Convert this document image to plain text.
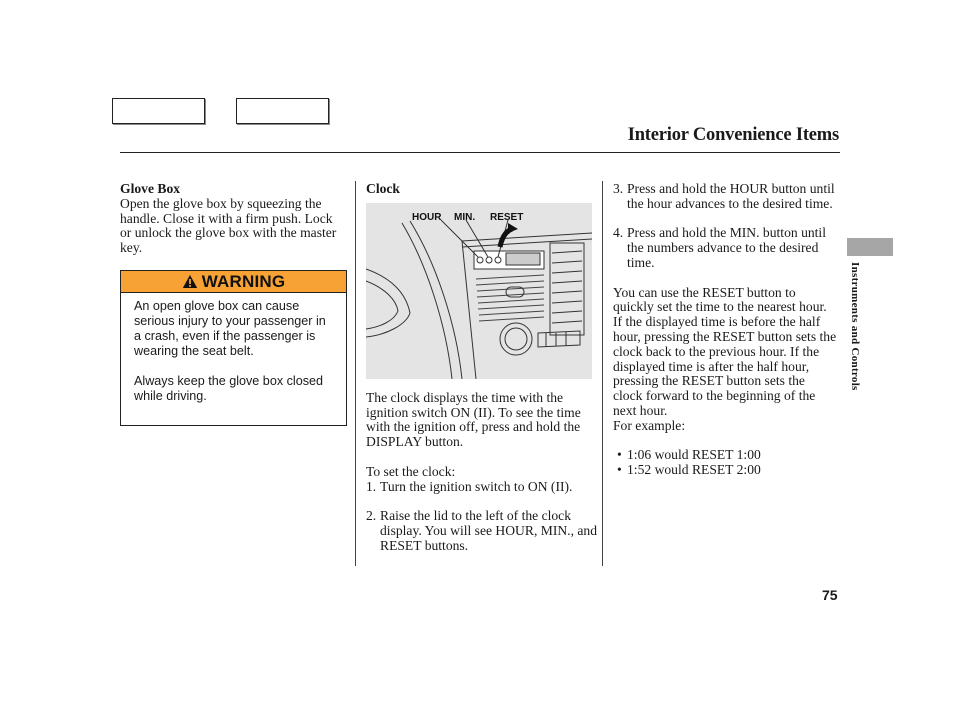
Interior Convenience Items
Glove Box

Open the glove box by squeezing the handle. Close it with a firm push. Lock or unlock the glove box with the master key.

WARNING

An open glove box can cause serious injury to your passenger in a crash, even if the passenger is wearing the seat belt.

Always keep the glove box closed while driving.

Clock
HOUR MIN. RESET

The clock displays the time with the ignition switch ON (II). To see the time with the ignition off, press and hold the DISPLAY button.

To set the clock:

1. Turn the ignition switch to ON (II).
2. Raise the lid to the left of the clock display. You will see HOUR, MIN., and RESET buttons.
3. Press and hold the HOUR button until the hour advances to the desired time.
4. Press and hold the MIN. button until the numbers advance to the desired time.

You can use the RESET button to quickly set the time to the nearest hour. If the displayed time is before the half hour, pressing the RESET button sets the clock back to the previous hour. If the displayed time is after the half hour, pressing the RESET button sets the clock forward to the beginning of the next hour.

For example:

• 1:06 would RESET 1:00
• 1:52 would RESET 2:00
Instruments and Controls
75
